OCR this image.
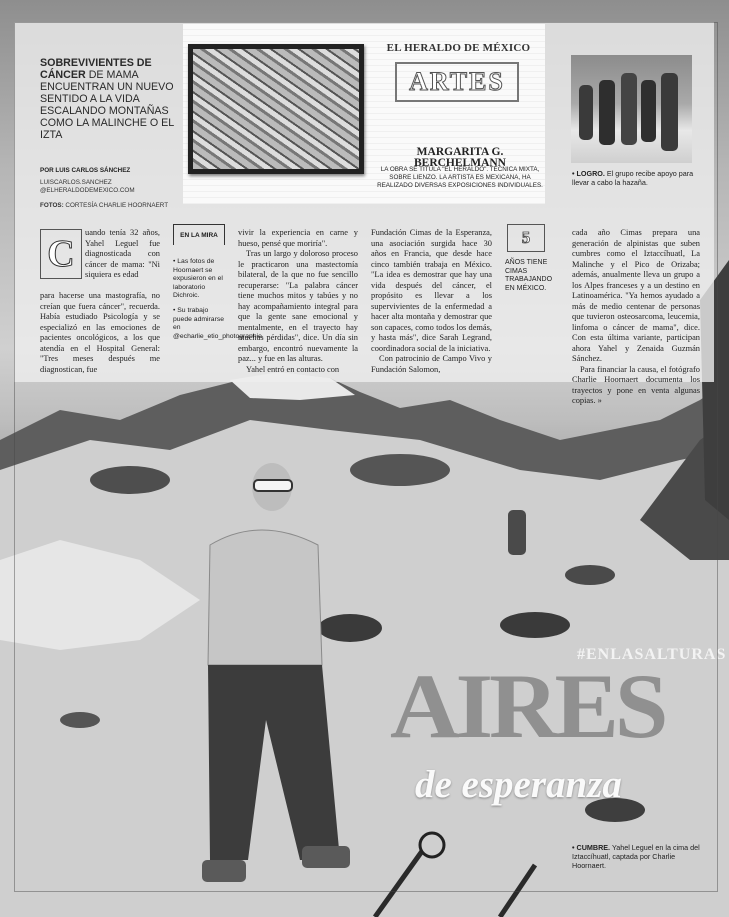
EL HERALDO DE MÉXICO
ARTES
MARGARITA G. BERCHELMANN
LA OBRA SE TITULA "EL HERALDO". TÉCNICA MIXTA, SOBRE LIENZO. LA ARTISTA ES MEXICANA, HA REALIZADO DIVERSAS EXPOSICIONES INDIVIDUALES.
• LOGRO. El grupo recibe apoyo para llevar a cabo la hazaña.
SOBREVIVIENTES DE CÁNCER DE MAMA ENCUENTRAN UN NUEVO SENTIDO A LA VIDA ESCALANDO MONTAÑAS COMO LA MALINCHE O EL IZTA
POR LUIS CARLOS SÁNCHEZ
LUISCARLOS.SANCHEZ @ELHERALDODEMEXICO.COM
FOTOS: CORTESÍA CHARLIE HOORNAERT
C
uando tenía 32 años, Yahel Leguel fue diagnosticada con cáncer de mama: "Ni siquiera es edad
para hacerse una mastografía, no creían que fuera cáncer", recuerda. Había estudiado Psicología y se especializó en las emociones de pacientes oncológicos, a los que atendía en el Hospital General: "Tres meses después me diagnostican, fue
EN LA MIRA
• Las fotos de Hoornaert se expusieron en el laboratorio Dichroic.
• Su trabajo puede admirarse en @echarlie_etio_photographie.
vivir la experiencia en carne y hueso, pensé que moriría".
Tras un largo y doloroso proceso le practicaron una mastectomía bilateral, de la que no fue sencillo recuperarse: "La palabra cáncer tiene muchos mitos y tabúes y no hay acompañamiento integral para que la gente sane emocional y mentalmente, en el trayecto hay muchas pérdidas", dice. Un día sin embargo, encontró nuevamente la paz... y fue en las alturas.
Yahel entró en contacto con
Fundación Cimas de la Esperanza, una asociación surgida hace 30 años en Francia, que desde hace cinco también trabaja en México. "La idea es demostrar que hay una vida después del cáncer, el propósito es llevar a los supervivientes de la enfermedad a hacer alta montaña y demostrar que son capaces, como todos los demás, y hasta más", dice Sarah Legrand, coordinadora social de la iniciativa.
Con patrocinio de Campo Vivo y Fundación Salomon,
5
AÑOS TIENE CIMAS TRABAJANDO EN MÉXICO.
cada año Cimas prepara una generación de alpinistas que suben cumbres como el Iztaccíhuatl, La Malinche y el Pico de Orizaba; además, anualmente lleva un grupo a los Alpes franceses y a un destino en Latinoamérica. "Ya hemos ayudado a más de medio centenar de personas que tuvieron osteosarcoma, leucemia, linfoma o cáncer de mama", dice. Con esta última variante, participan ahora Yahel y Zenaida Guzmán Sánchez.
Para financiar la causa, el fotógrafo Charlie Hoornaert documenta los trayectos y pone en venta algunas copias. »
#ENLASALTURAS
AIRES
de esperanza
• CUMBRE. Yahel Leguel en la cima del Iztaccíhuatl, captada por Charlie Hoornaert.
